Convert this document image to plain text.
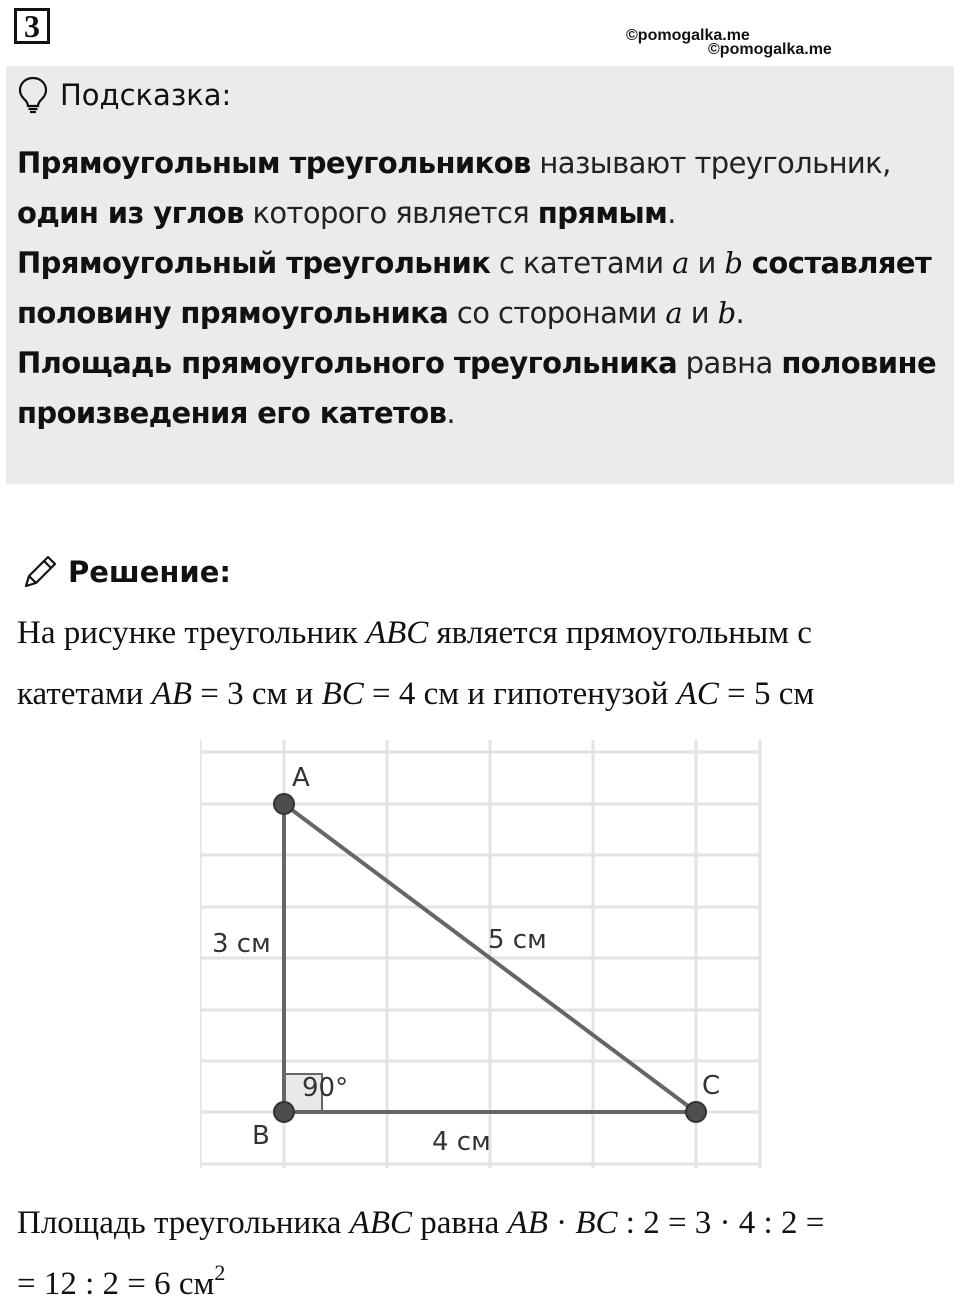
3	©pomogalka.me
©pomogalka.me
Подсказка:
Прямоугольным треугольников называют треугольник, один из углов которого является прямым.
Прямоугольный треугольник с катетами a и b составляет половину прямоугольника со сторонами a и b.
Площадь прямоугольного треугольника равна половине произведения его катетов.
Решение:
На рисунке треугольник ABC является прямоугольным с
катетами AB = 3 см и BC = 4 см и гипотенузой AC = 5 см
A
B
C
3 см	5 см
4 см
90°
Площадь треугольника ABC равна AB · BC : 2 = 3 · 4 : 2 =
= 12 : 2 = 6 $см^2$
